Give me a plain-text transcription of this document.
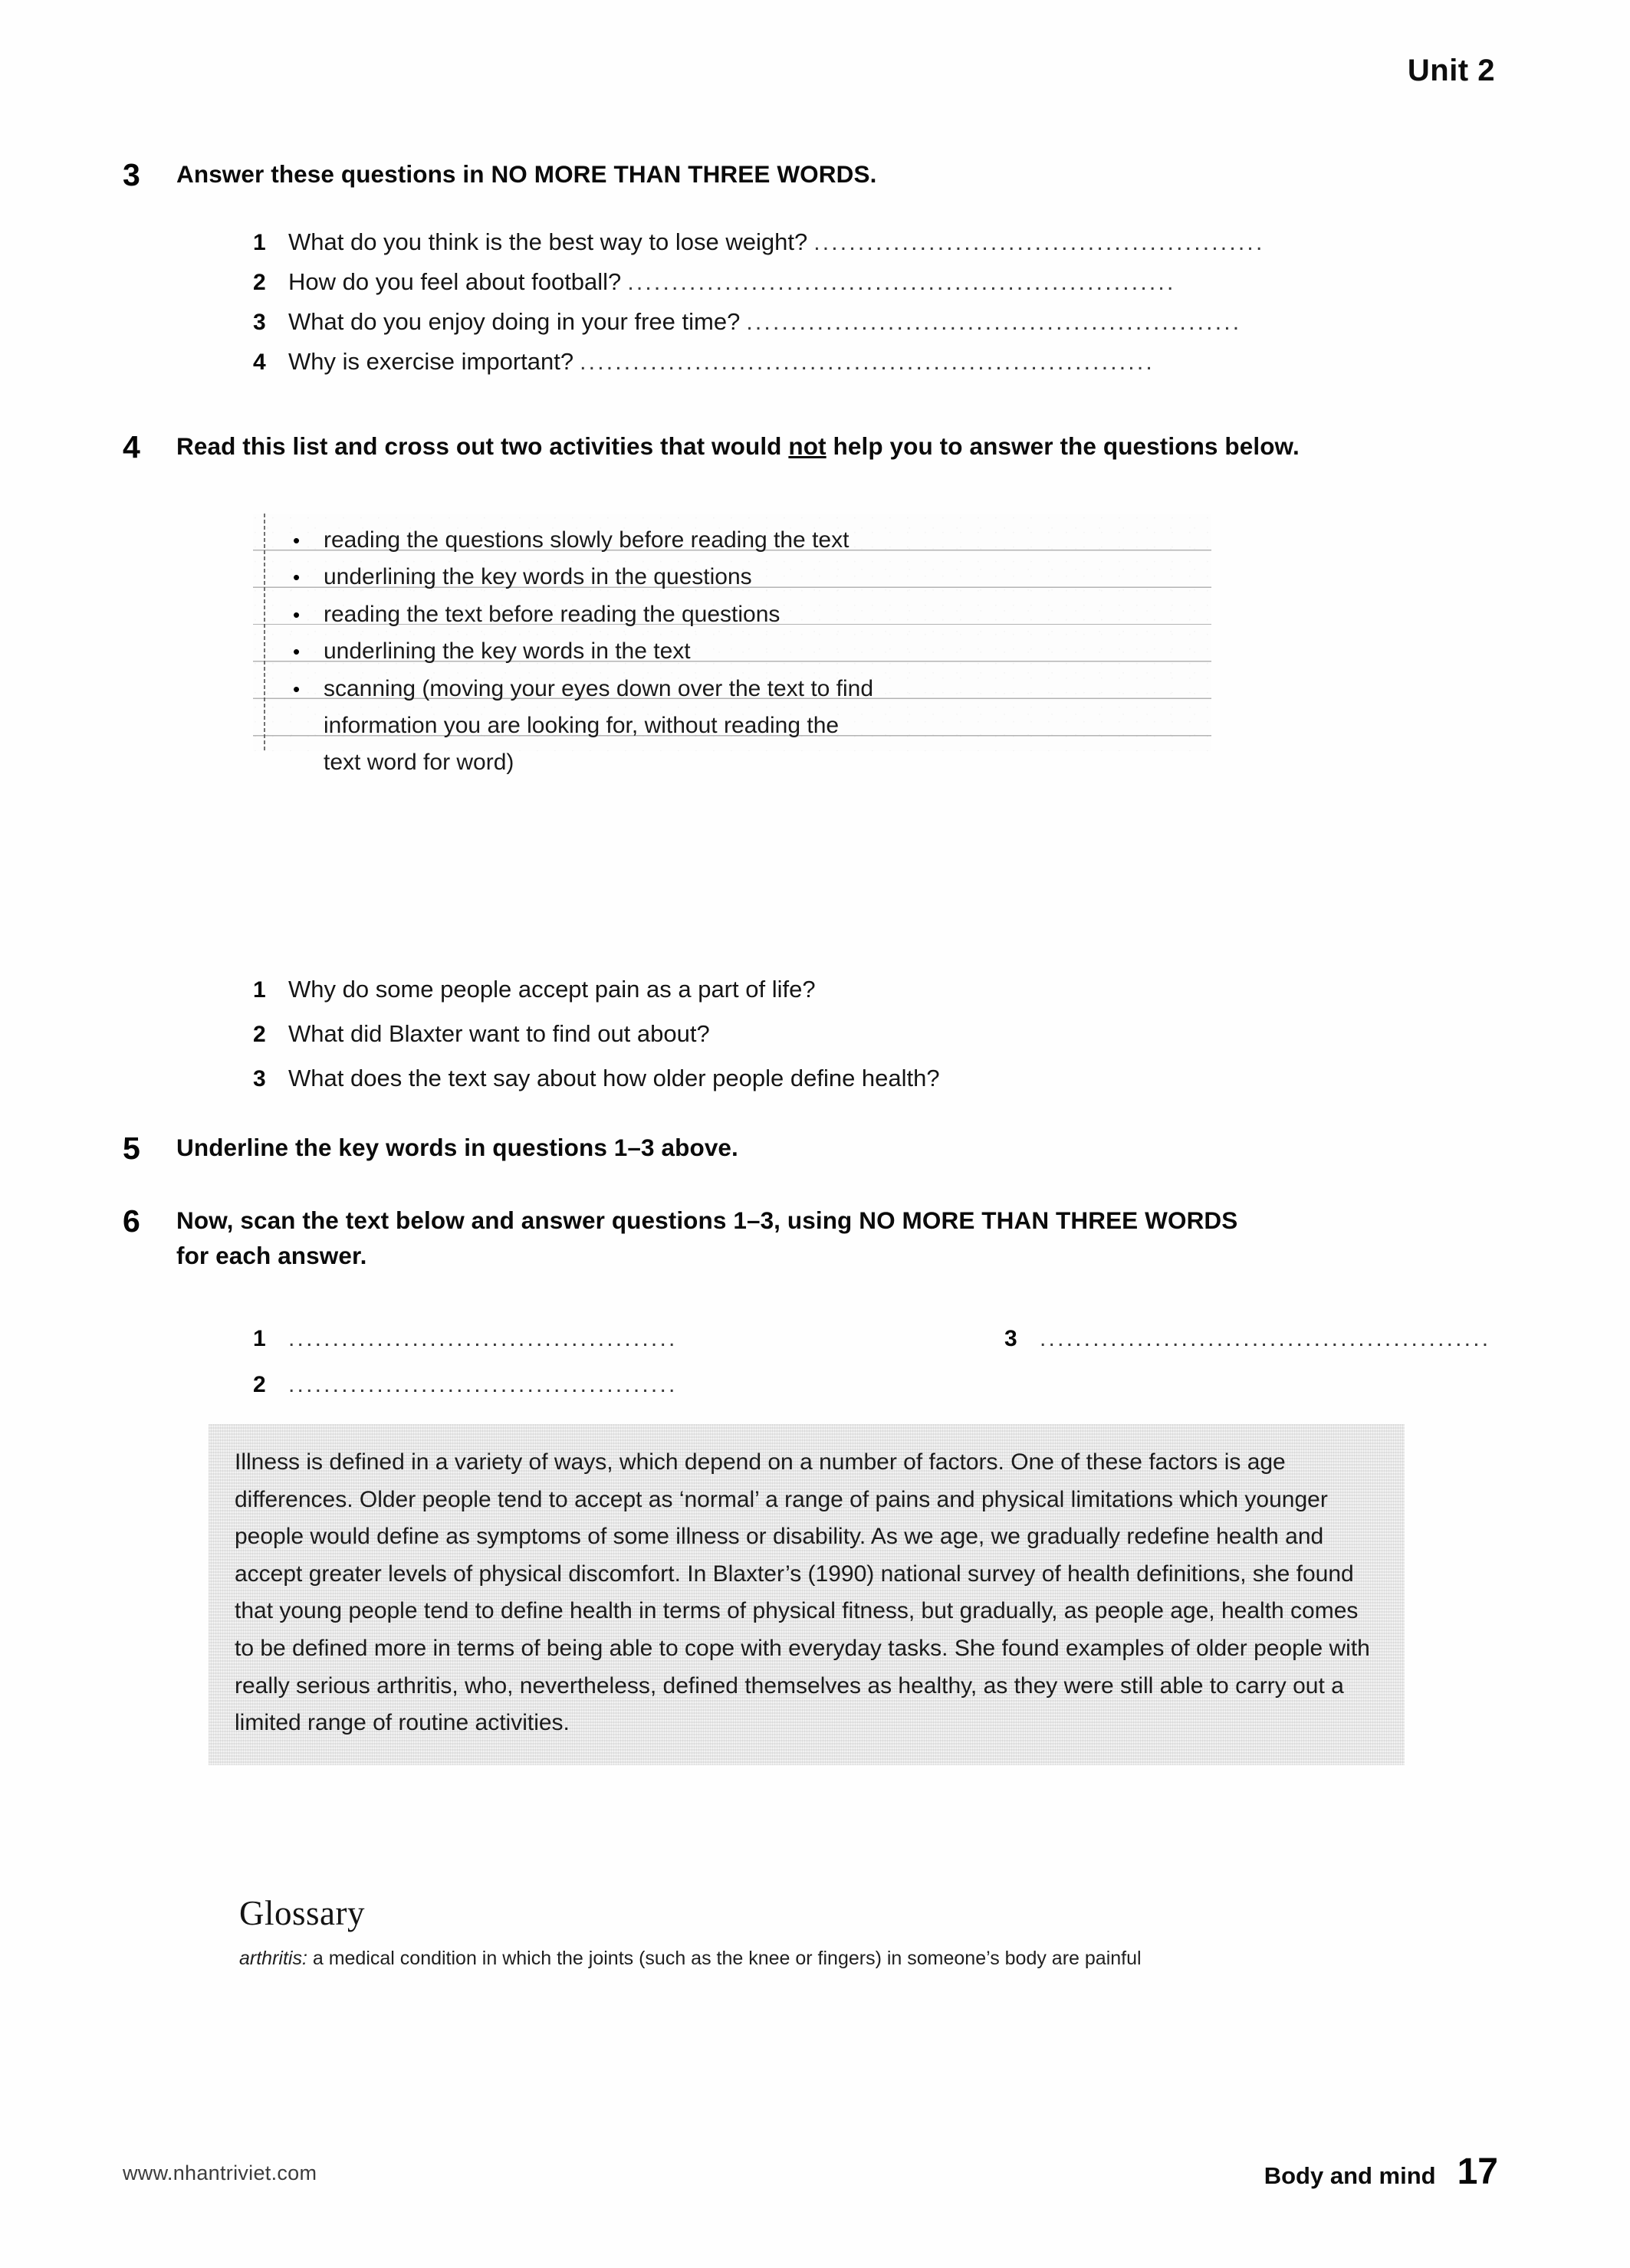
Unit 2
3	Answer these questions in NO MORE THAN THREE WORDS.
1 What do you think is the best way to lose weight? ...................................................
2 How do you feel about football? ..............................................................
3 What do you enjoy doing in your free time? ........................................................
4 Why is exercise important? .................................................................
4	Read this list and cross out two activities that would not help you to answer the questions below.
•	reading the questions slowly before reading the text
•	underlining the key words in the questions
•	reading the text before reading the questions
•	underlining the key words in the text
•	scanning (moving your eyes down over the text to find
information you are looking for, without reading the
text word for word)
1 Why do some people accept pain as a part of life?
2 What did Blaxter want to find out about?
3 What does the text say about how older people define health?
5	Underline the key words in questions 1–3 above.
6	Now, scan the text below and answer questions 1–3, using NO MORE THAN THREE WORDS
for each answer.
1 ............................................	3 ...................................................
2 ............................................

Illness is defined in a variety of ways, which depend on a number of factors. One of these factors is age differences. Older people tend to accept as ‘normal’ a range of pains and physical limitations which younger people would define as symptoms of some illness or disability. As we age, we gradually redefine health and accept greater levels of physical discomfort. In Blaxter’s (1990) national survey of health definitions, she found that young people tend to define health in terms of physical fitness, but gradually, as people age, health comes to be defined more in terms of being able to cope with everyday tasks. She found examples of older people with really serious arthritis, who, nevertheless, defined themselves as healthy, as they were still able to carry out a limited range of routine activities.

Glossary
arthritis: a medical condition in which the joints (such as the knee or fingers) in someone’s body are painful
www.nhantriviet.com	Body and mind 17
